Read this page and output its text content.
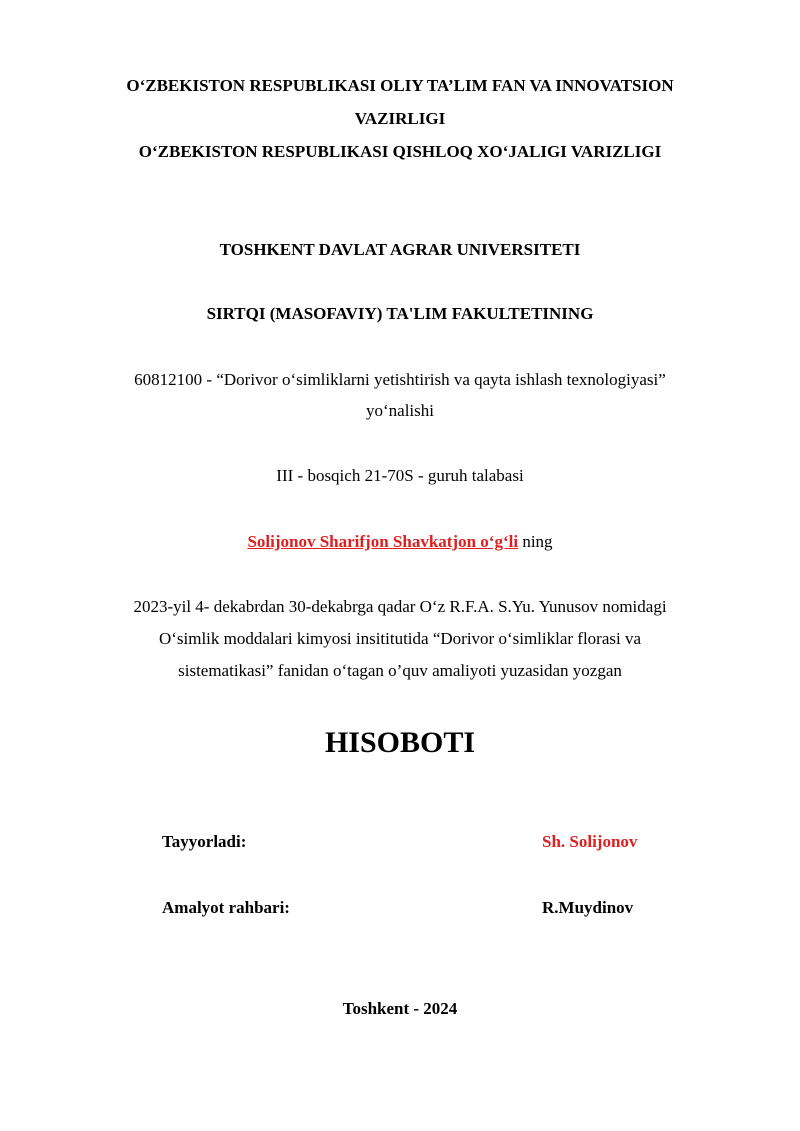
O‘ZBEKISTON RESPUBLIKASI OLIY TA’LIM FAN VA INNOVATSION
VAZIRLIGI
O‘ZBEKISTON RESPUBLIKASI QISHLOQ XO‘JALIGI VARIZLIGI
TOSHKENT DAVLAT AGRAR UNIVERSITETI
SIRTQI (MASOFAVIY) TA'LIM FAKULTETINING
60812100 - “Dorivor o‘simliklarni yetishtirish va qayta ishlash texnologiyasi”
yo‘nalishi
III - bosqich 21-70S - guruh talabasi
Solijonov Sharifjon Shavkatjon o‘g‘li ning
2023-yil 4- dekabrdan 30-dekabrga qadar O‘z R.F.A. S.Yu. Yunusov nomidagi
O‘simlik moddalari kimyosi insititutida “Dorivor o‘simliklar florasi va
sistematikasi” fanidan o‘tagan o’quv amaliyoti yuzasidan yozgan
HISOBOTI
Tayyorladi:	Sh. Solijonov
Amalyot rahbari:	R.Muydinov
Toshkent - 2024
